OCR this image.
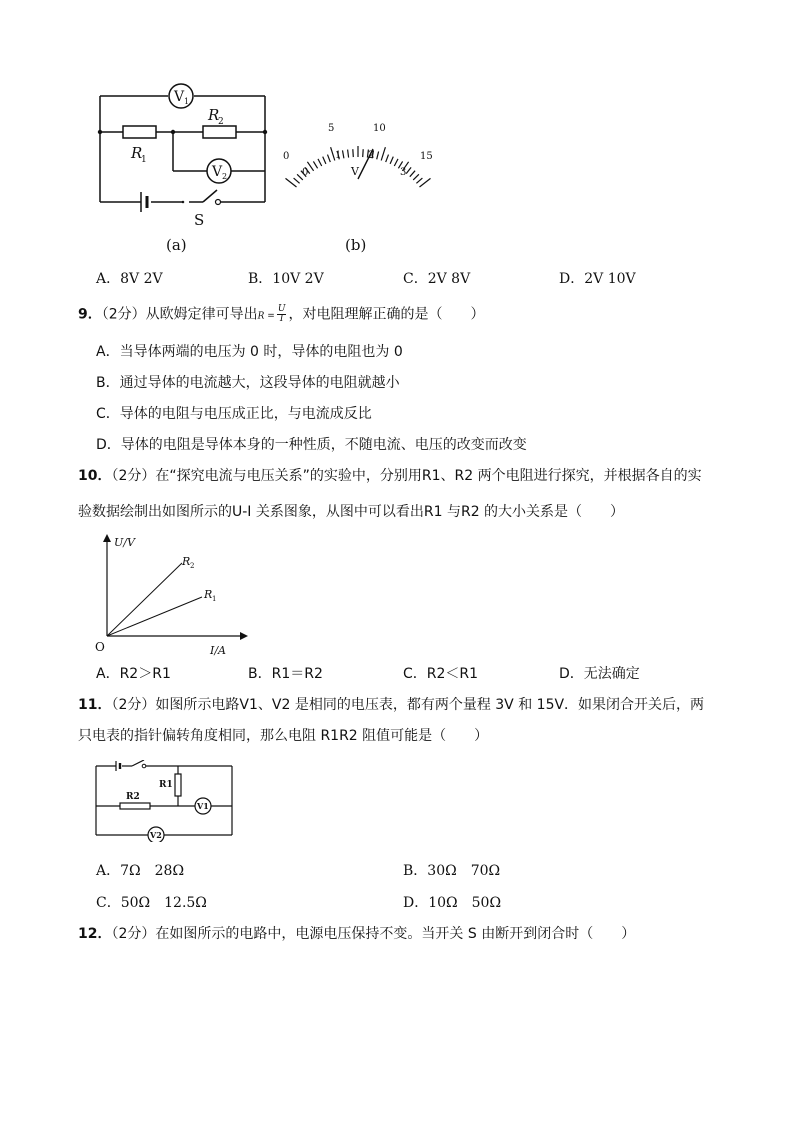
V 1
V 2
R
1
R
2
S
(a)
0
5	10
15
0
1	2
3
V
(b)
A．8V 2V	B．10V 2V	C．2V 8V	D．2V 10V
9．（2分）从欧姆定律可导出$R = \frac{U}{I}$ ，对电阻理解正确的是（　　）
A．当导体两端的电压为 0 时，导体的电阻也为 0
B．通过导体的电流越大，这段导体的电阻就越小
C．导体的电阻与电压成正比，与电流成反比
D．导体的电阻是导体本身的一种性质，不随电流、电压的改变而改变
10．（2分）在“探究电流与电压关系”的实验中，分别用R1、R2 两个电阻进行探究，并根据各自的实
验数据绘制出如图所示的U-I 关系图象，从图中可以看出R1 与R2 的大小关系是（　　）
U/V
I/A
O
R 2
R 1
A．R2＞R1	B．R1＝R2	C．R2＜R1	D．无法确定
11．（2分）如图所示电路V1、V2 是相同的电压表，都有两个量程 3V 和 15V．如果闭合开关后，两
只电表的指针偏转角度相同，那么电阻 R1R2 阻值可能是（　　）
R1
R2
V1
V2
A．7Ω　28Ω	B．30Ω　70Ω
C．50Ω　12.5Ω	D．10Ω　50Ω
12．（2分）在如图所示的电路中，电源电压保持不变。当开关 S 由断开到闭合时（　　）
